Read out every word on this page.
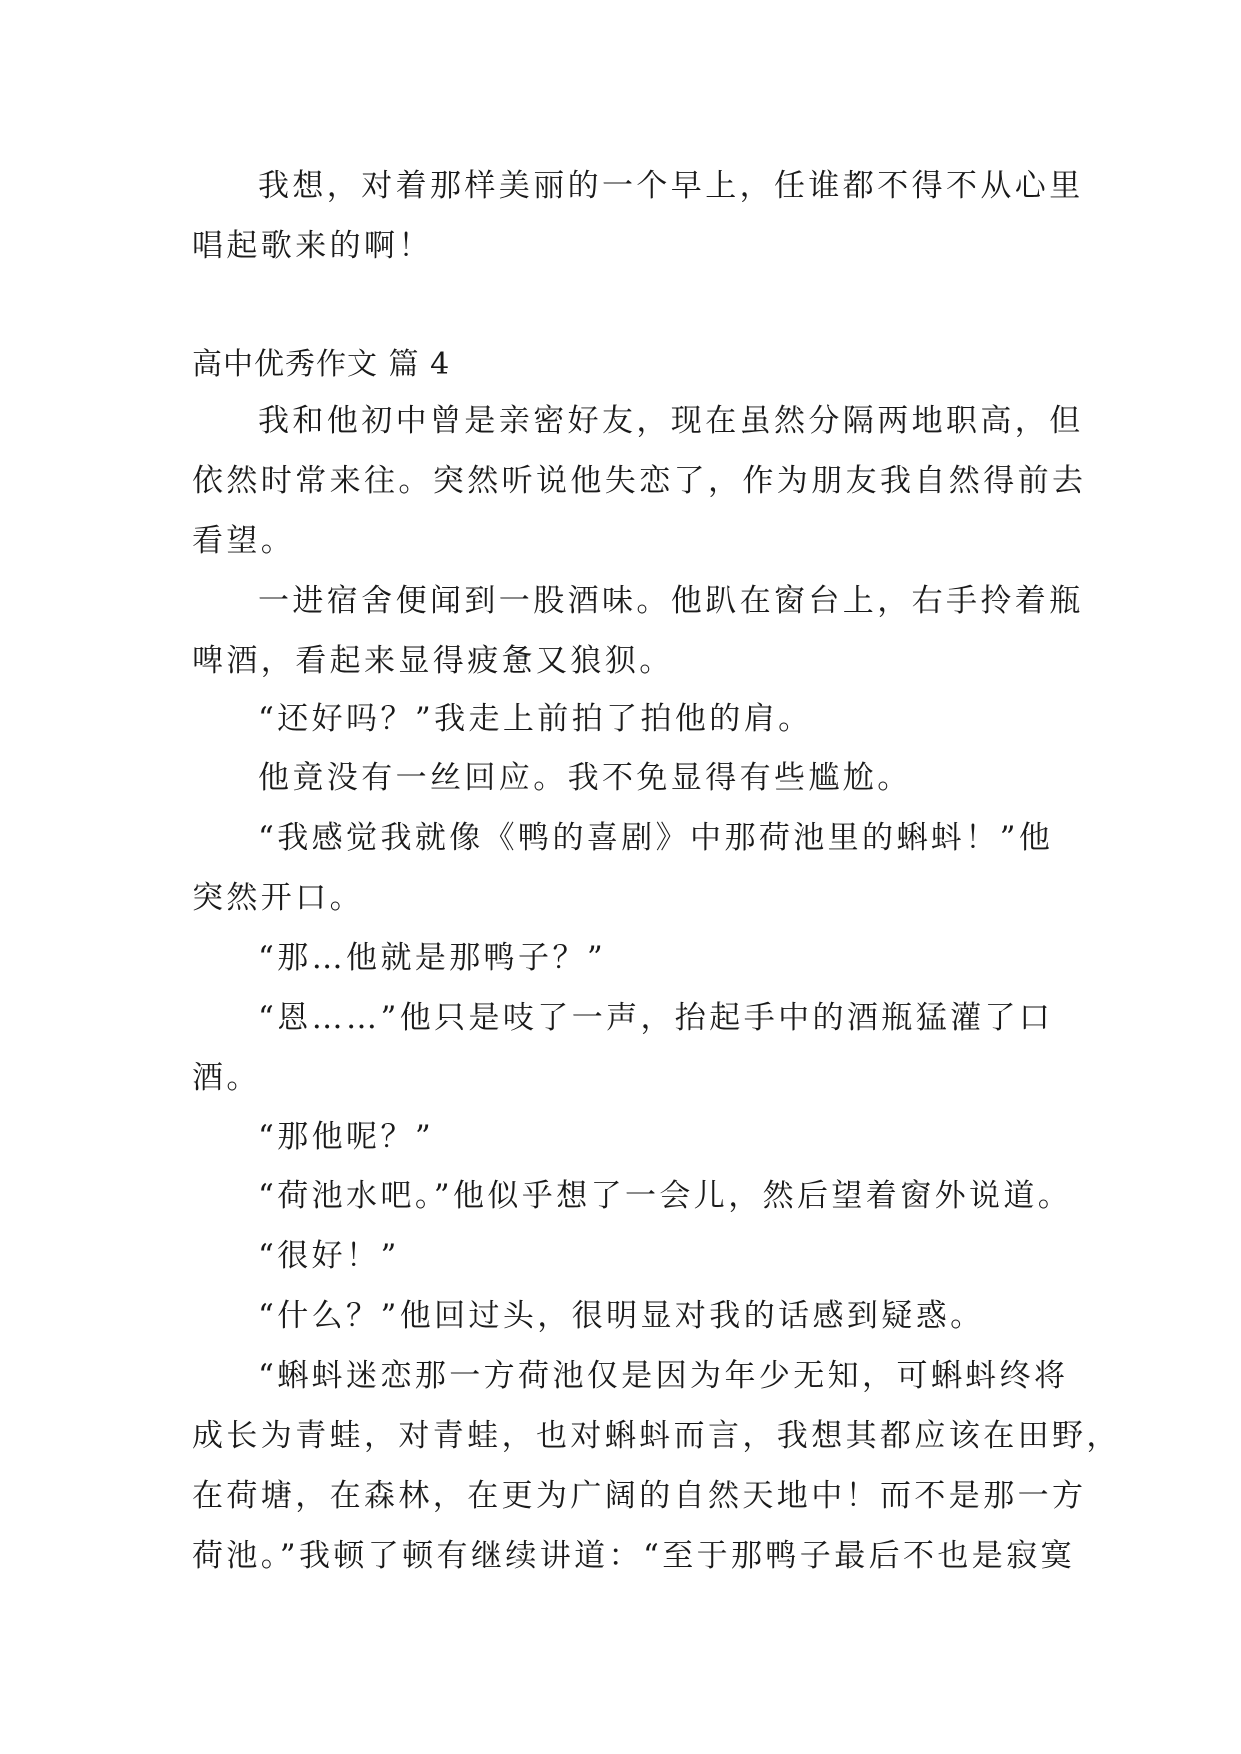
我想，对着那样美丽的一个早上，任谁都不得不从心里
唱起歌来的啊！
高中优秀作文 篇 4
我和他初中曾是亲密好友，现在虽然分隔两地职高，但
依然时常来往。突然听说他失恋了，作为朋友我自然得前去
看望。
一进宿舍便闻到一股酒味。他趴在窗台上，右手拎着瓶
啤酒，看起来显得疲惫又狼狈。
“还好吗？”我走上前拍了拍他的肩。
他竟没有一丝回应。我不免显得有些尴尬。
“我感觉我就像《鸭的喜剧》中那荷池里的蝌蚪！”他
突然开口。
“那…他就是那鸭子？”
“恩……”他只是吱了一声，抬起手中的酒瓶猛灌了口
酒。
“那他呢？”
“荷池水吧。”他似乎想了一会儿，然后望着窗外说道。
“很好！”
“什么？”他回过头，很明显对我的话感到疑惑。
“蝌蚪迷恋那一方荷池仅是因为年少无知，可蝌蚪终将
成长为青蛙，对青蛙，也对蝌蚪而言，我想其都应该在田野，
在荷塘，在森林，在更为广阔的自然天地中！而不是那一方
荷池。”我顿了顿有继续讲道：“至于那鸭子最后不也是寂寞
